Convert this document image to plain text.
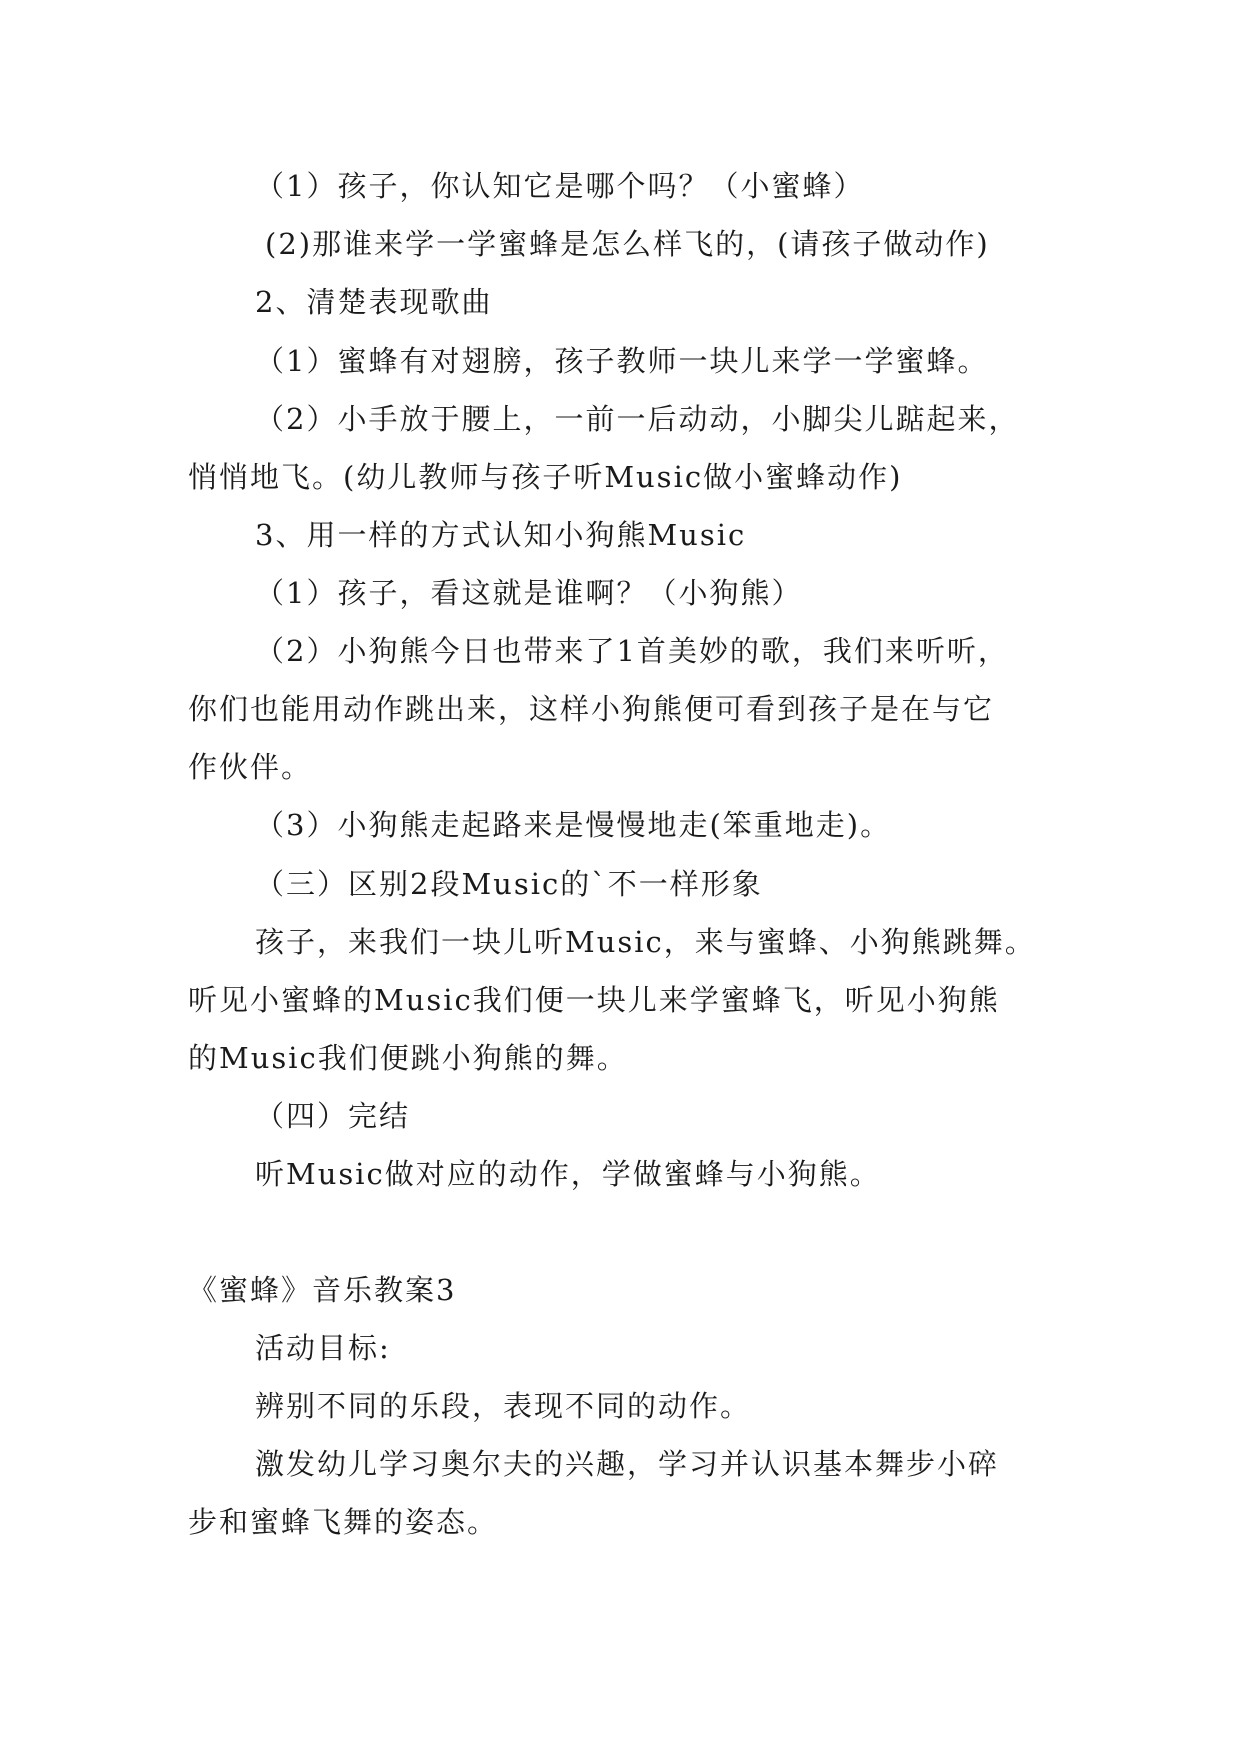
（1）孩子，你认知它是哪个吗？（小蜜蜂）
(2)那谁来学一学蜜蜂是怎么样飞的，(请孩子做动作)
2、清楚表现歌曲
（1）蜜蜂有对翅膀，孩子教师一块儿来学一学蜜蜂。
（2）小手放于腰上，一前一后动动，小脚尖儿踮起来，
悄悄地飞。(幼儿教师与孩子听Music做小蜜蜂动作)
3、用一样的方式认知小狗熊Music
（1）孩子，看这就是谁啊？（小狗熊）
（2）小狗熊今日也带来了1首美妙的歌，我们来听听，
你们也能用动作跳出来，这样小狗熊便可看到孩子是在与它
作伙伴。
（3）小狗熊走起路来是慢慢地走(笨重地走)。
（三）区别2段Music的`不一样形象
孩子，来我们一块儿听Music，来与蜜蜂、小狗熊跳舞。
听见小蜜蜂的Music我们便一块儿来学蜜蜂飞，听见小狗熊
的Music我们便跳小狗熊的舞。
（四）完结
听Music做对应的动作，学做蜜蜂与小狗熊。
《蜜蜂》音乐教案3
活动目标:
辨别不同的乐段，表现不同的动作。
激发幼儿学习奥尔夫的兴趣，学习并认识基本舞步小碎
步和蜜蜂飞舞的姿态。
